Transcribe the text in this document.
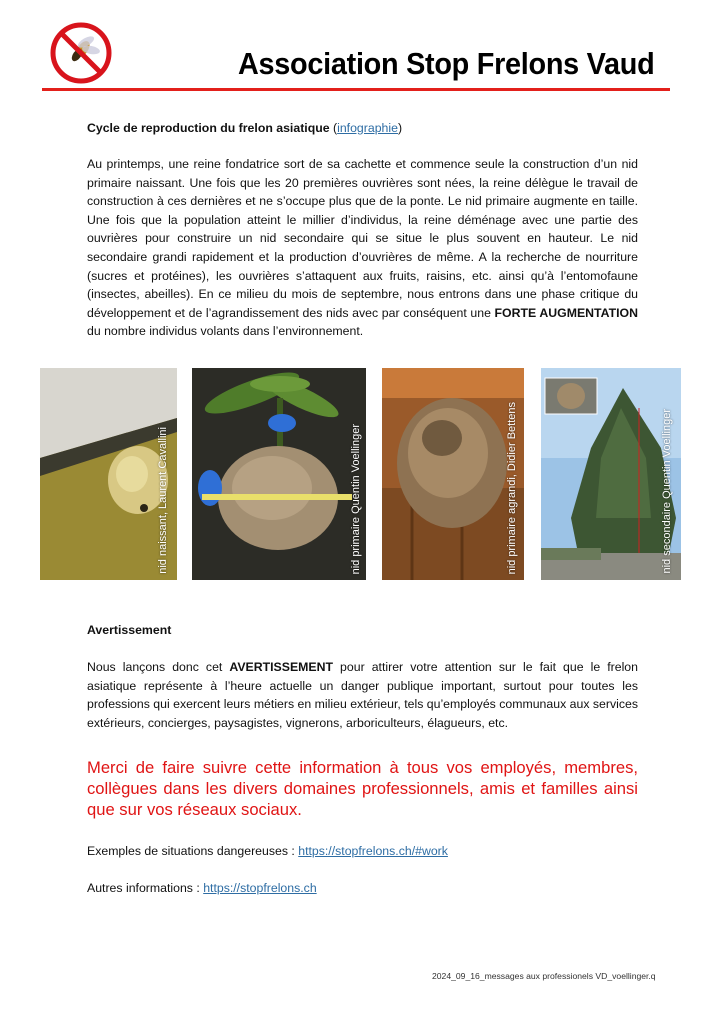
Association Stop Frelons Vaud
Cycle de reproduction du frelon asiatique (infographie)
Au printemps, une reine fondatrice sort de sa cachette et commence seule la construction d’un nid primaire naissant. Une fois que les 20 premières ouvrières sont nées, la reine délègue le travail de construction à ces dernières et ne s’occupe plus que de la ponte. Le nid primaire augmente en taille. Une fois que la population atteint le millier d’individus, la reine déménage avec une partie des ouvrières pour construire un nid secondaire qui se situe le plus souvent en hauteur. Le nid secondaire grandi rapidement et la production d’ouvrières de même. A la recherche de nourriture (sucres et protéines), les ouvrières s’attaquent aux fruits, raisins, etc. ainsi qu’à l’entomofaune (insectes, abeilles). En ce milieu du mois de septembre, nous entrons dans une phase critique du développement et de l’agrandissement des nids avec par conséquent une FORTE AUGMENTATION du nombre individus volants dans l’environnement.
nid naissant, Laurent Cavallini	nid primaire Quentin Voellinger	nid primaire agrandi, Didier Bettens	nid secondaire Quentin Voellinger
Avertissement
Nous lançons donc cet AVERTISSEMENT pour attirer votre attention sur le fait que le frelon asiatique représente à l’heure actuelle un danger publique important, surtout pour toutes les professions qui exercent leurs métiers en milieu extérieur, tels qu’employés communaux aux services extérieurs, concierges, paysagistes, vignerons, arboriculteurs, élagueurs, etc.
Merci de faire suivre cette information à tous vos employés, membres, collègues dans les divers domaines professionnels, amis et familles ainsi que sur vos réseaux sociaux.
Exemples de situations dangereuses : https://stopfrelons.ch/#work
Autres informations : https://stopfrelons.ch
2024_09_16_messages aux professionels VD_voellinger.q
